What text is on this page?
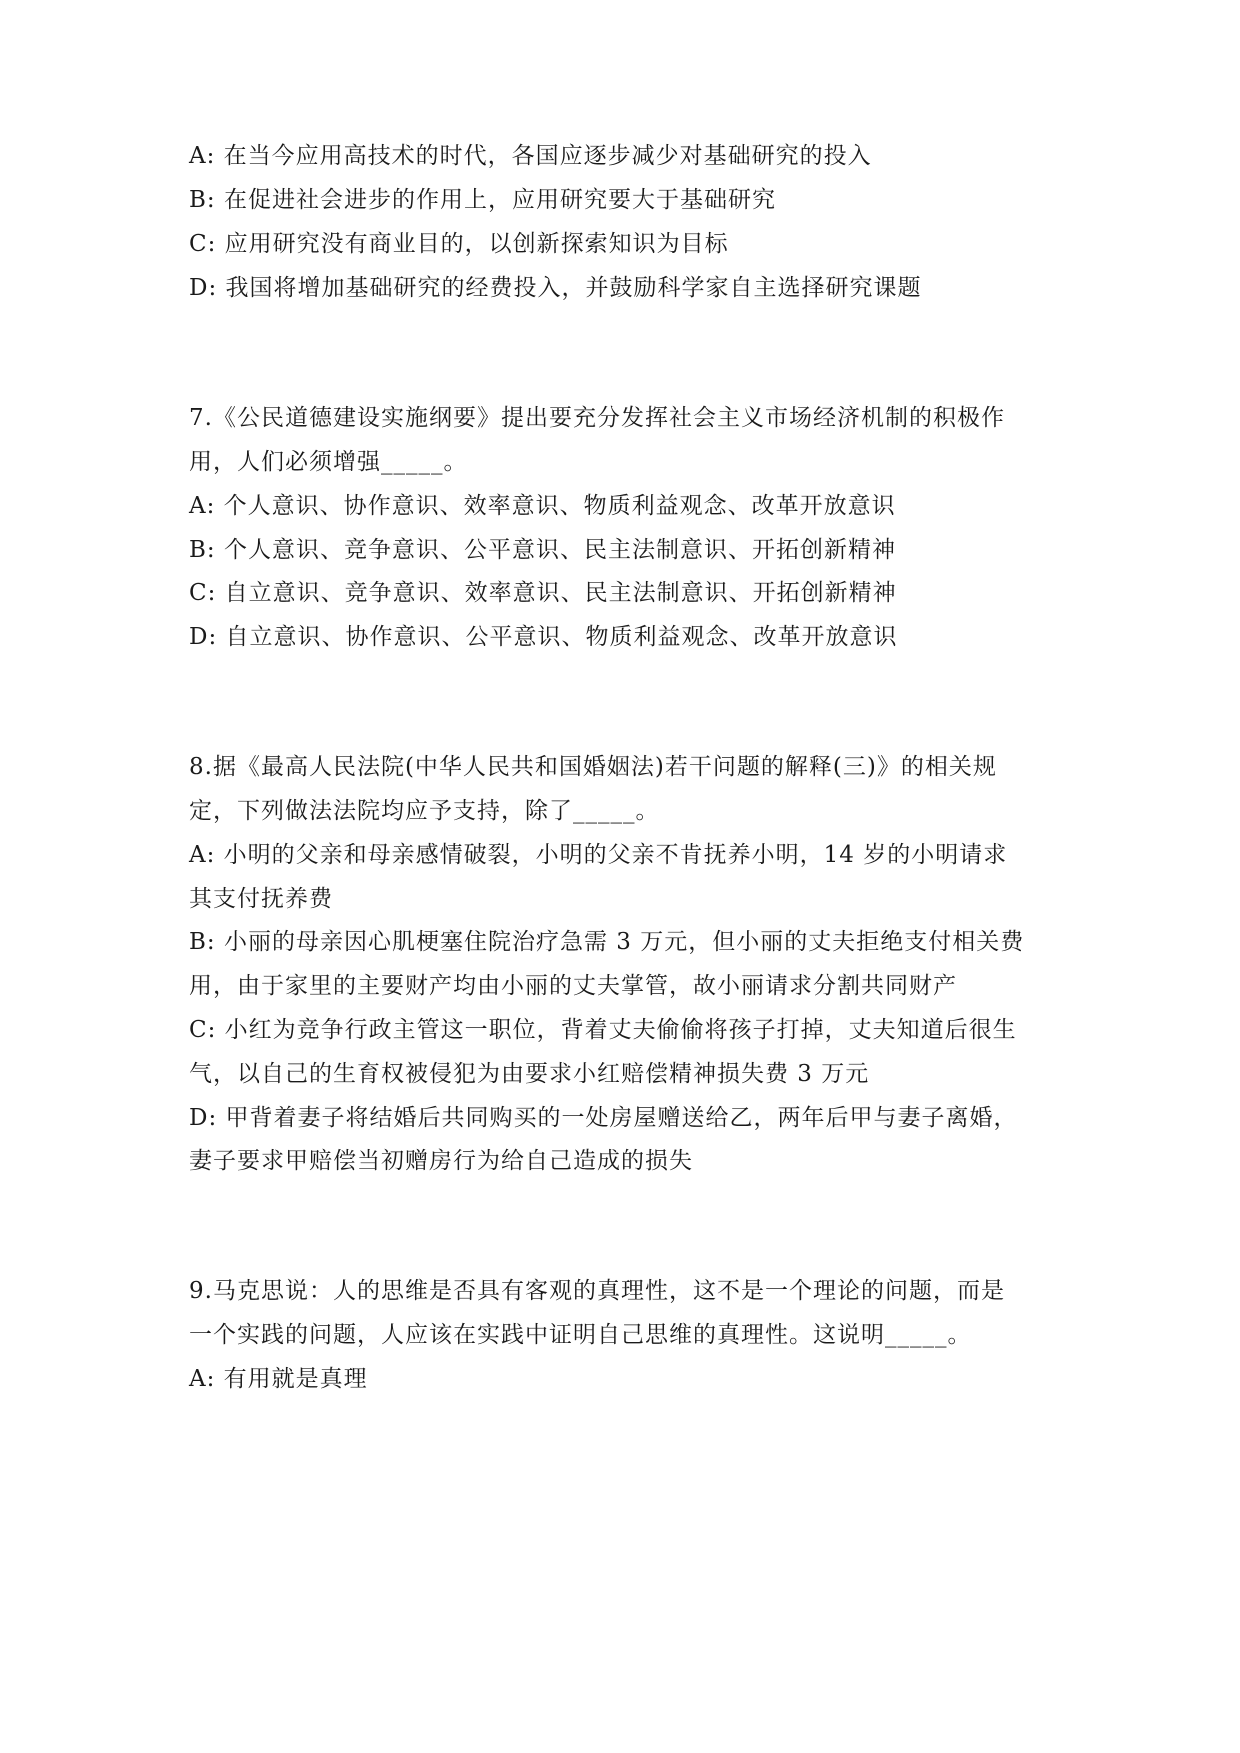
A: 在当今应用高技术的时代，各国应逐步减少对基础研究的投入
B: 在促进社会进步的作用上，应用研究要大于基础研究
C: 应用研究没有商业目的，以创新探索知识为目标
D: 我国将增加基础研究的经费投入，并鼓励科学家自主选择研究课题
7.《公民道德建设实施纲要》提出要充分发挥社会主义市场经济机制的积极作
用，人们必须增强_____。
A: 个人意识、协作意识、效率意识、物质利益观念、改革开放意识
B: 个人意识、竞争意识、公平意识、民主法制意识、开拓创新精神
C: 自立意识、竞争意识、效率意识、民主法制意识、开拓创新精神
D: 自立意识、协作意识、公平意识、物质利益观念、改革开放意识
8.据《最高人民法院(中华人民共和国婚姻法)若干问题的解释(三)》的相关规
定，下列做法法院均应予支持，除了_____。
A: 小明的父亲和母亲感情破裂，小明的父亲不肯抚养小明，14 岁的小明请求
其支付抚养费
B: 小丽的母亲因心肌梗塞住院治疗急需 3 万元，但小丽的丈夫拒绝支付相关费
用，由于家里的主要财产均由小丽的丈夫掌管，故小丽请求分割共同财产
C: 小红为竞争行政主管这一职位，背着丈夫偷偷将孩子打掉，丈夫知道后很生
气，以自己的生育权被侵犯为由要求小红赔偿精神损失费 3 万元
D: 甲背着妻子将结婚后共同购买的一处房屋赠送给乙，两年后甲与妻子离婚，
妻子要求甲赔偿当初赠房行为给自己造成的损失
9.马克思说：人的思维是否具有客观的真理性，这不是一个理论的问题，而是
一个实践的问题，人应该在实践中证明自己思维的真理性。这说明_____。
A: 有用就是真理
